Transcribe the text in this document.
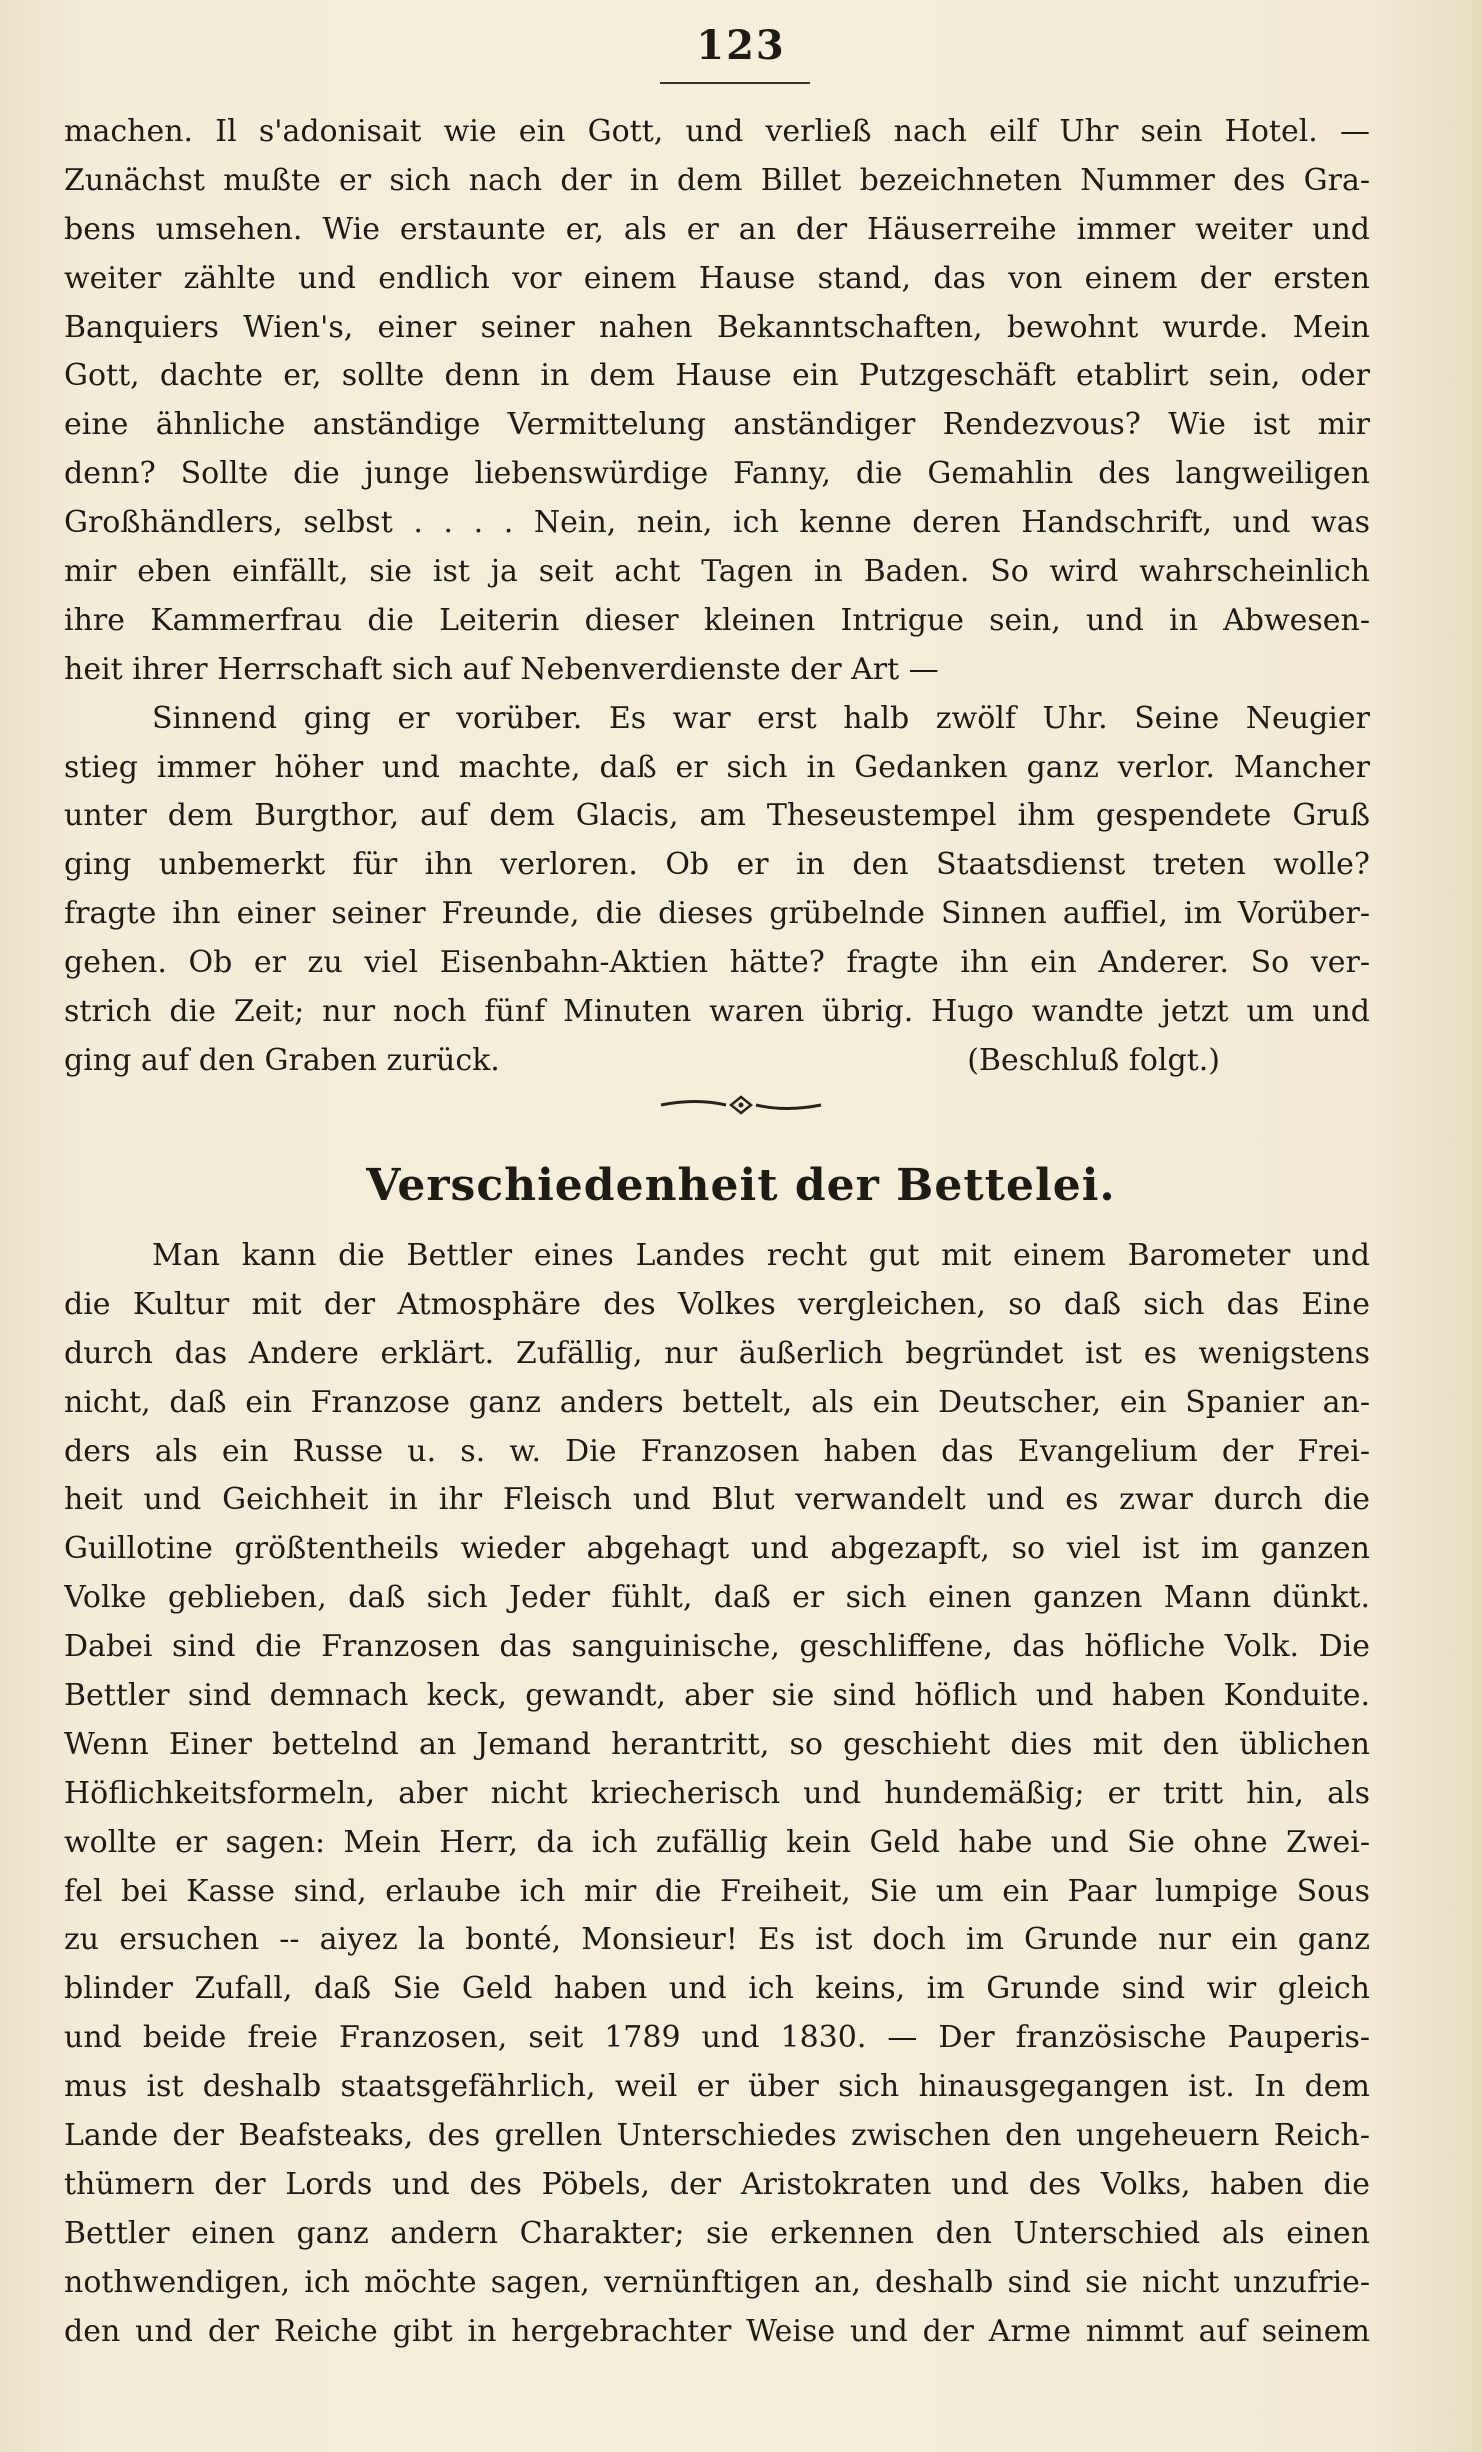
123
machen. Il s'adonisait wie ein Gott, und verließ nach eilf Uhr sein Hotel. —
Zunächst mußte er sich nach der in dem Billet bezeichneten Nummer des Gra-
bens umsehen. Wie erstaunte er, als er an der Häuserreihe immer weiter und
weiter zählte und endlich vor einem Hause stand, das von einem der ersten
Banquiers Wien's, einer seiner nahen Bekanntschaften, bewohnt wurde. Mein
Gott, dachte er, sollte denn in dem Hause ein Putzgeschäft etablirt sein, oder
eine ähnliche anständige Vermittelung anständiger Rendezvous? Wie ist mir
denn? Sollte die junge liebenswürdige Fanny, die Gemahlin des langweiligen
Großhändlers, selbst . . . . Nein, nein, ich kenne deren Handschrift, und was
mir eben einfällt, sie ist ja seit acht Tagen in Baden. So wird wahrscheinlich
ihre Kammerfrau die Leiterin dieser kleinen Intrigue sein, und in Abwesen-
heit ihrer Herrschaft sich auf Nebenverdienste der Art —
Sinnend ging er vorüber. Es war erst halb zwölf Uhr. Seine Neugier
stieg immer höher und machte, daß er sich in Gedanken ganz verlor. Mancher
unter dem Burgthor, auf dem Glacis, am Theseustempel ihm gespendete Gruß
ging unbemerkt für ihn verloren. Ob er in den Staatsdienst treten wolle?
fragte ihn einer seiner Freunde, die dieses grübelnde Sinnen auffiel, im Vorüber-
gehen. Ob er zu viel Eisenbahn-Aktien hätte? fragte ihn ein Anderer. So ver-
strich die Zeit; nur noch fünf Minuten waren übrig. Hugo wandte jetzt um und
ging auf den Graben zurück.	(Beschluß folgt.)
Verschiedenheit der Bettelei.
Man kann die Bettler eines Landes recht gut mit einem Barometer und
die Kultur mit der Atmosphäre des Volkes vergleichen, so daß sich das Eine
durch das Andere erklärt. Zufällig, nur äußerlich begründet ist es wenigstens
nicht, daß ein Franzose ganz anders bettelt, als ein Deutscher, ein Spanier an-
ders als ein Russe u. s. w. Die Franzosen haben das Evangelium der Frei-
heit und Geichheit in ihr Fleisch und Blut verwandelt und es zwar durch die
Guillotine größtentheils wieder abgehagt und abgezapft, so viel ist im ganzen
Volke geblieben, daß sich Jeder fühlt, daß er sich einen ganzen Mann dünkt.
Dabei sind die Franzosen das sanguinische, geschliffene, das höfliche Volk. Die
Bettler sind demnach keck, gewandt, aber sie sind höflich und haben Konduite.
Wenn Einer bettelnd an Jemand herantritt, so geschieht dies mit den üblichen
Höflichkeitsformeln, aber nicht kriecherisch und hundemäßig; er tritt hin, als
wollte er sagen: Mein Herr, da ich zufällig kein Geld habe und Sie ohne Zwei-
fel bei Kasse sind, erlaube ich mir die Freiheit, Sie um ein Paar lumpige Sous
zu ersuchen -- aiyez la bonté, Monsieur! Es ist doch im Grunde nur ein ganz
blinder Zufall, daß Sie Geld haben und ich keins, im Grunde sind wir gleich
und beide freie Franzosen, seit 1789 und 1830. — Der französische Pauperis-
mus ist deshalb staatsgefährlich, weil er über sich hinausgegangen ist. In dem
Lande der Beafsteaks, des grellen Unterschiedes zwischen den ungeheuern Reich-
thümern der Lords und des Pöbels, der Aristokraten und des Volks, haben die
Bettler einen ganz andern Charakter; sie erkennen den Unterschied als einen
nothwendigen, ich möchte sagen, vernünftigen an, deshalb sind sie nicht unzufrie-
den und der Reiche gibt in hergebrachter Weise und der Arme nimmt auf seinem
